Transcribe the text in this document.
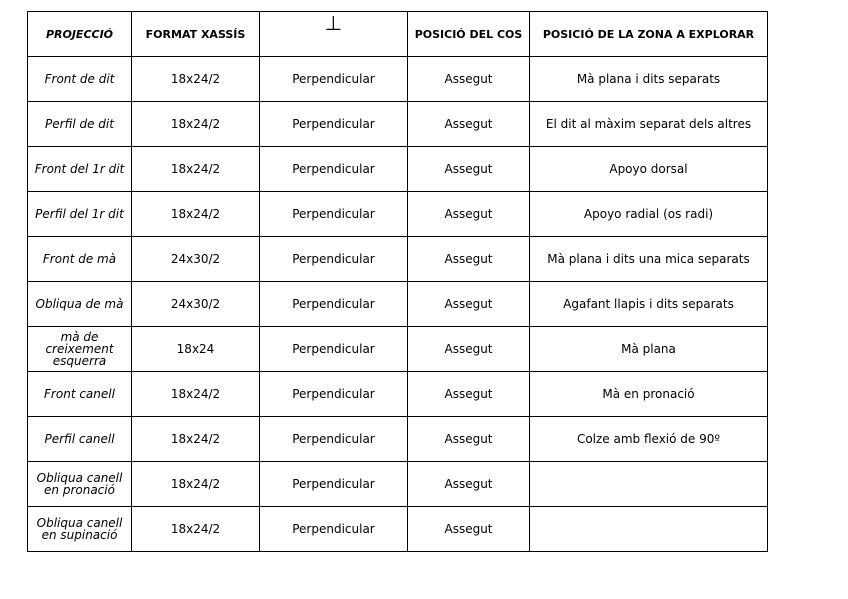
PROJECCIÓ	FORMAT XASSÍS	⊥	POSICIÓ DEL COS	POSICIÓ DE LA ZONA A EXPLORAR
Front de dit	18x24/2	Perpendicular	Assegut	Mà plana i dits separats
Perfil de dit	18x24/2	Perpendicular	Assegut	El dit al màxim separat dels altres
Front del 1r dit	18x24/2	Perpendicular	Assegut	Apoyo dorsal
Perfil del 1r dit	18x24/2	Perpendicular	Assegut	Apoyo radial (os radi)
Front de mà	24x30/2	Perpendicular	Assegut	Mà plana i dits una mica separats
Obliqua de mà	24x30/2	Perpendicular	Assegut	Agafant llapis i dits separats
mà de creixement esquerra	18x24	Perpendicular	Assegut	Mà plana
Front canell	18x24/2	Perpendicular	Assegut	Mà en pronació
Perfil canell	18x24/2	Perpendicular	Assegut	Colze amb flexió de 90º
Obliqua canell en pronació	18x24/2	Perpendicular	Assegut	
Obliqua canell en supinació	18x24/2	Perpendicular	Assegut	
